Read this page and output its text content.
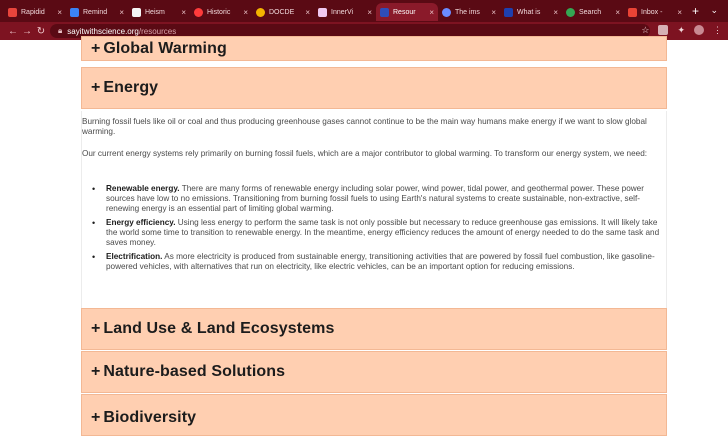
Rapidid	×	Remind	×	Heism	×	Historic	×	DOCDE	×	InnerVi	×	Resour	×	The ims	×	What is	×	Search	×	Inbox -	× + ⌄
← → ↻	🔒︎ sayitwithscience.org/resources	☆	✦	⋮
+ Global Warming
+ Energy

Burning fossil fuels like oil or coal and thus producing greenhouse gases cannot continue to be the main way humans make energy if we want to slow global warming.

Our current energy systems rely primarily on burning fossil fuels, which are a major contributor to global warming. To transform our energy system, we need:

• Renewable energy. There are many forms of renewable energy including solar power, wind power, tidal power, and geothermal power. These power sources have low to no emissions. Transitioning from burning fossil fuels to using Earth's natural systems to create sustainable, non-extractive, self-renewing energy is an essential part of limiting global warming.
• Energy efficiency. Using less energy to perform the same task is not only possible but necessary to reduce greenhouse gas emissions. It will likely take the world some time to transition to renewable energy. In the meantime, energy efficiency reduces the amount of energy needed to do the same task and saves money.
• Electrification. As more electricity is produced from sustainable energy, transitioning activities that are powered by fossil fuel combustion, like gasoline-powered vehicles, with alternatives that run on electricity, like electric vehicles, can be an important option for reducing emissions.
+ Land Use & Land Ecosystems
+ Nature-based Solutions
+ Biodiversity
